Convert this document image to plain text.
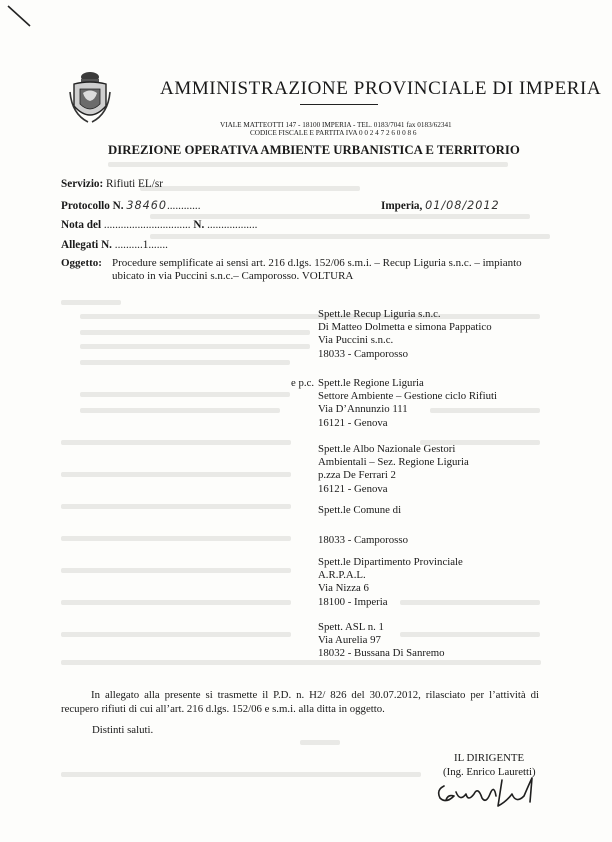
AMMINISTRAZIONE PROVINCIALE DI IMPERIA
VIALE MATTEOTTI 147 - 18100 IMPERIA - TEL. 0183/7041 fax 0183/62341
CODICE FISCALE E PARTITA IVA 0 0 2 4 7 2 6 0 0 8 6
DIREZIONE OPERATIVA AMBIENTE URBANISTICA E TERRITORIO
Servizio: Rifiuti EL/sr
Protocollo N. 38460............	Imperia, 01/08/2012
Nota del ............................... N. ..................
Allegati N. ..........1.......
Oggetto: Procedure semplificate ai sensi art. 216 d.lgs. 152/06 s.m.i. – Recup Liguria s.n.c. – impianto ubicato in via Puccini s.n.c.– Camporosso. VOLTURA
Spett.le Recup Liguria s.n.c.
Di Matteo Dolmetta e simona Pappatico
Via Puccini s.n.c.
18033 - Camporosso
e p.c. Spett.le Regione Liguria
Settore Ambiente – Gestione ciclo Rifiuti
Via D’Annunzio 111
16121 - Genova
Spett.le Albo Nazionale Gestori
Ambientali – Sez. Regione Liguria
p.zza De Ferrari 2
16121 - Genova
Spett.le Comune di
18033 - Camporosso
Spett.le Dipartimento Provinciale
A.R.P.A.L.
Via Nizza 6
18100 - Imperia
Spett. ASL n. 1
Via Aurelia 97
18032 - Bussana Di Sanremo

In allegato alla presente si trasmette il P.D. n. H2/ 826 del 30.07.2012, rilasciato per l’attività di recupero rifiuti di cui all’art. 216 d.lgs. 152/06 e s.m.i. alla ditta in oggetto.

Distinti saluti.
IL DIRIGENTE
(Ing. Enrico Lauretti)
